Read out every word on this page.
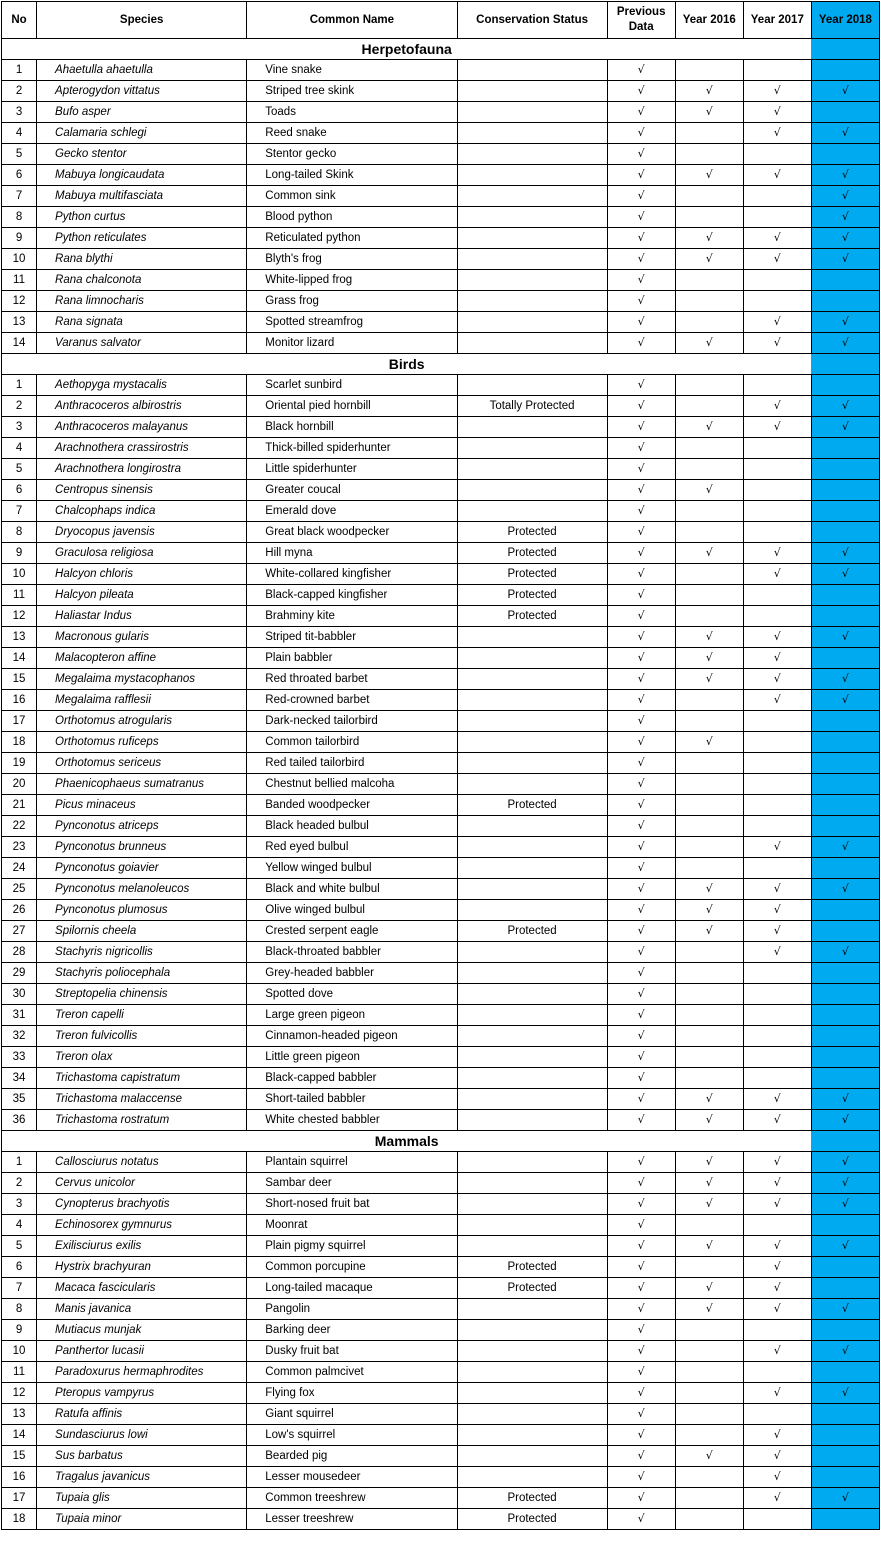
No	Species	Common Name	Conservation Status	Previous Data	Year 2016	Year 2017	Year 2018
Herpetofauna							
1	Ahaetulla ahaetulla	Vine snake		√			
2	Apterogydon vittatus	Striped tree skink		√	√	√	√
3	Bufo asper	Toads		√	√	√	
4	Calamaria schlegi	Reed snake		√		√	√
5	Gecko stentor	Stentor gecko		√			
6	Mabuya longicaudata	Long-tailed Skink		√	√	√	√
7	Mabuya multifasciata	Common sink		√			√
8	Python curtus	Blood python		√			√
9	Python reticulates	Reticulated python		√	√	√	√
10	Rana blythi	Blyth's frog		√	√	√	√
11	Rana chalconota	White-lipped frog		√			
12	Rana limnocharis	Grass frog		√			
13	Rana signata	Spotted streamfrog		√		√	√
14	Varanus salvator	Monitor lizard		√	√	√	√
Birds							
1	Aethopyga mystacalis	Scarlet sunbird		√			
2	Anthracoceros albirostris	Oriental pied hornbill	Totally Protected	√		√	√
3	Anthracoceros malayanus	Black hornbill		√	√	√	√
4	Arachnothera crassirostris	Thick-billed spiderhunter		√			
5	Arachnothera longirostra	Little spiderhunter		√			
6	Centropus sinensis	Greater coucal		√	√		
7	Chalcophaps indica	Emerald dove		√			
8	Dryocopus javensis	Great black woodpecker	Protected	√			
9	Graculosa religiosa	Hill myna	Protected	√	√	√	√
10	Halcyon chloris	White-collared kingfisher	Protected	√		√	√
11	Halcyon pileata	Black-capped kingfisher	Protected	√			
12	Haliastar Indus	Brahminy kite	Protected	√			
13	Macronous gularis	Striped tit-babbler		√	√	√	√
14	Malacopteron affine	Plain babbler		√	√	√	
15	Megalaima mystacophanos	Red throated barbet		√	√	√	√
16	Megalaima rafflesii	Red-crowned barbet		√		√	√
17	Orthotomus atrogularis	Dark-necked tailorbird		√			
18	Orthotomus ruficeps	Common tailorbird		√	√		
19	Orthotomus sericeus	Red tailed tailorbird		√			
20	Phaenicophaeus sumatranus	Chestnut bellied malcoha		√			
21	Picus minaceus	Banded woodpecker	Protected	√			
22	Pynconotus atriceps	Black headed bulbul		√			
23	Pynconotus brunneus	Red eyed bulbul		√		√	√
24	Pynconotus goiavier	Yellow winged bulbul		√			
25	Pynconotus melanoleucos	Black and white bulbul		√	√	√	√
26	Pynconotus plumosus	Olive winged bulbul		√	√	√	
27	Spilornis cheela	Crested serpent eagle	Protected	√	√	√	
28	Stachyris nigricollis	Black-throated babbler		√		√	√
29	Stachyris poliocephala	Grey-headed babbler		√			
30	Streptopelia chinensis	Spotted dove		√			
31	Treron capelli	Large green pigeon		√			
32	Treron fulvicollis	Cinnamon-headed pigeon		√			
33	Treron olax	Little green pigeon		√			
34	Trichastoma capistratum	Black-capped babbler		√			
35	Trichastoma malaccense	Short-tailed babbler		√	√	√	√
36	Trichastoma rostratum	White chested babbler		√	√	√	√
Mammals							
1	Callosciurus notatus	Plantain squirrel		√	√	√	√
2	Cervus unicolor	Sambar deer		√	√	√	√
3	Cynopterus brachyotis	Short-nosed fruit bat		√	√	√	√
4	Echinosorex gymnurus	Moonrat		√			
5	Exilisciurus exilis	Plain pigmy squirrel		√	√	√	√
6	Hystrix brachyuran	Common porcupine	Protected	√		√	
7	Macaca fascicularis	Long-tailed macaque	Protected	√	√	√	
8	Manis javanica	Pangolin		√	√	√	√
9	Mutiacus munjak	Barking deer		√			
10	Panthertor lucasii	Dusky fruit bat		√		√	√
11	Paradoxurus hermaphrodites	Common palmcivet		√			
12	Pteropus vampyrus	Flying fox		√		√	√
13	Ratufa affinis	Giant squirrel		√			
14	Sundasciurus lowi	Low's squirrel		√		√	
15	Sus barbatus	Bearded pig		√	√	√	
16	Tragalus javanicus	Lesser mousedeer		√		√	
17	Tupaia glis	Common treeshrew	Protected	√		√	√
18	Tupaia minor	Lesser treeshrew	Protected	√			
